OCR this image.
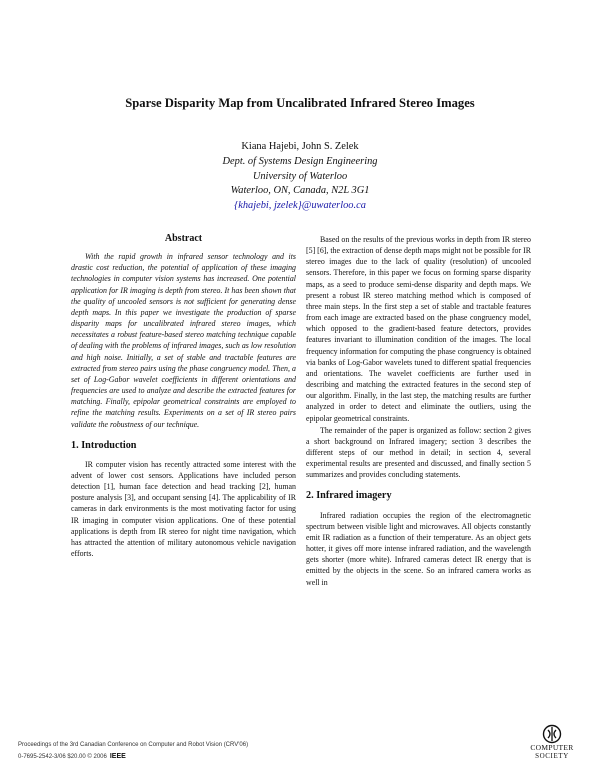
Sparse Disparity Map from Uncalibrated Infrared Stereo Images
Kiana Hajebi, John S. Zelek
Dept. of Systems Design Engineering
University of Waterloo
Waterloo, ON, Canada, N2L 3G1
{khajebi, jzelek}@uwaterloo.ca
Abstract

With the rapid growth in infrared sensor technology and its drastic cost reduction, the potential of application of these imaging technologies in computer vision systems has increased. One potential application for IR imaging is depth from stereo. It has been shown that the quality of uncooled sensors is not sufficient for generating dense depth maps. In this paper we investigate the production of sparse disparity maps for uncalibrated infrared stereo images, which necessitates a robust feature-based stereo matching technique capable of dealing with the problems of infrared images, such as low resolution and high noise. Initially, a set of stable and tractable features are extracted from stereo pairs using the phase congruency model. Then, a set of Log-Gabor wavelet coefficients in different orientations and frequencies are used to analyze and describe the extracted features for matching. Finally, epipolar geometrical constraints are employed to refine the matching results. Experiments on a set of IR stereo pairs validate the robustness of our technique.

1. Introduction

IR computer vision has recently attracted some interest with the advent of lower cost sensors. Applications have included person detection [1], human face detection and head tracking [2], human posture analysis [3], and occupant sensing [4]. The applicability of IR cameras in dark environments is the most motivating factor for using IR imaging in computer vision applications. One of these potential applications is depth from IR stereo for night time navigation, which has attracted the attention of military autonomous vehicle navigation efforts.

Based on the results of the previous works in depth from IR stereo [5] [6], the extraction of dense depth maps might not be possible for IR stereo images due to the lack of quality (resolution) of uncooled sensors. Therefore, in this paper we focus on forming sparse disparity maps, as a seed to produce semi-dense disparity and depth maps. We present a robust IR stereo matching method which is composed of three main steps. In the first step a set of stable and tractable features from each image are extracted based on the phase congruency model, which opposed to the gradient-based feature detectors, provides features invariant to illumination condition of the images. The local frequency information for computing the phase congruency is obtained via banks of Log-Gabor wavelets tuned to different spatial frequencies and orientations. The wavelet coefficients are further used in describing and matching the extracted features in the second step of our algorithm. Finally, in the last step, the matching results are further analyzed in order to detect and eliminate the outliers, using the epipolar geometrical constraints.

The remainder of the paper is organized as follow: section 2 gives a short background on Infrared imagery; section 3 describes the different steps of our method in detail; in section 4, several experimental results are presented and discussed, and finally section 5 summarizes and provides concluding statements.

2. Infrared imagery

Infrared radiation occupies the region of the electromagnetic spectrum between visible light and microwaves. All objects constantly emit IR radiation as a function of their temperature. As an object gets hotter, it gives off more intense infrared radiation, and the wavelength gets shorter (more white). Infrared cameras detect IR energy that is emitted by the objects in the scene. So an infrared camera works as well in

Proceedings of the 3rd Canadian Conference on Computer and Robot Vision (CRV'06)
0-7695-2542-3/06 $20.00 © 2006 IEEE
COMPUTER
SOCIETY
